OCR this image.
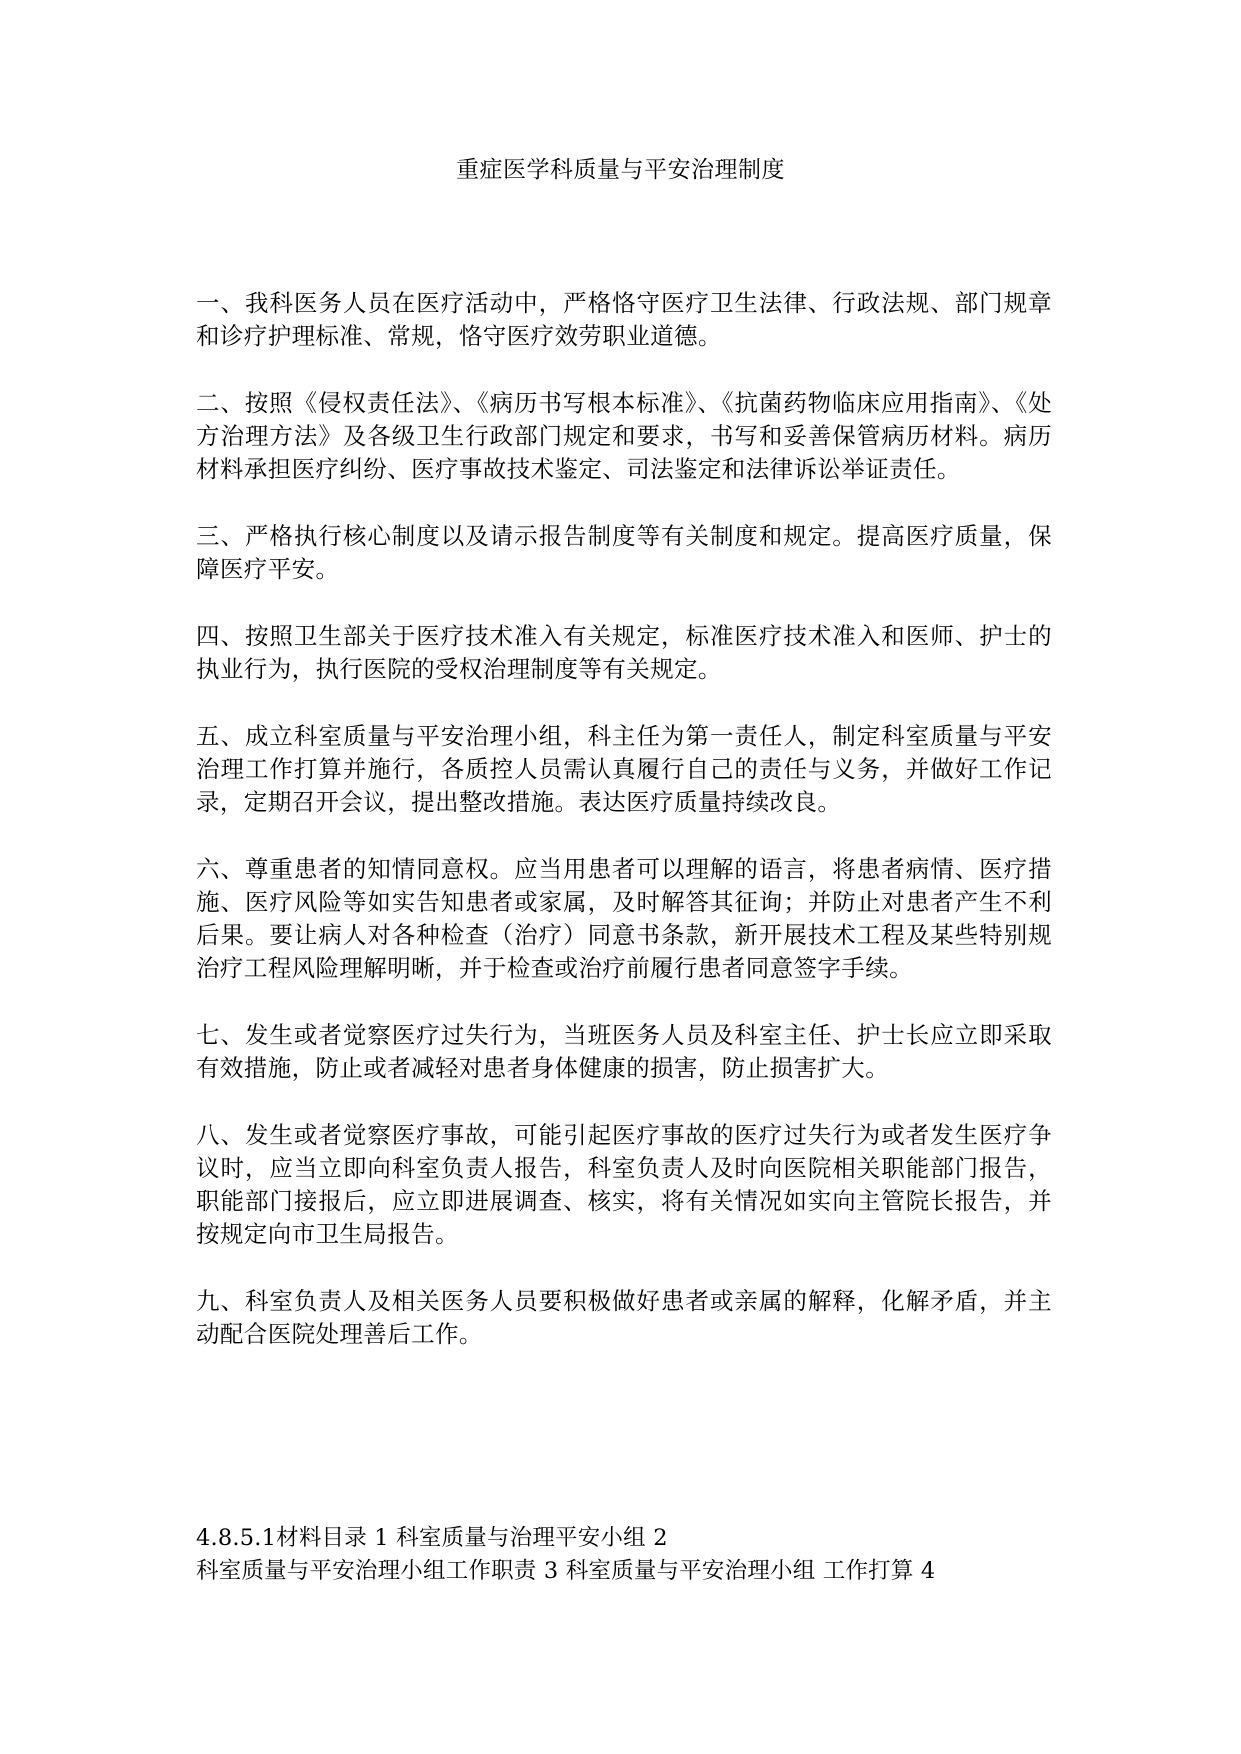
重症医学科质量与平安治理制度

一、我科医务人员在医疗活动中，严格恪守医疗卫生法律、行政法规、部门规章和诊疗护理标准、常规，恪守医疗效劳职业道德。

二、按照《侵权责任法》、《病历书写根本标准》、《抗菌药物临床应用指南》、《处方治理方法》及各级卫生行政部门规定和要求，书写和妥善保管病历材料。病历材料承担医疗纠纷、医疗事故技术鉴定、司法鉴定和法律诉讼举证责任。

三、严格执行核心制度以及请示报告制度等有关制度和规定。提高医疗质量，保障医疗平安。

四、按照卫生部关于医疗技术准入有关规定，标准医疗技术准入和医师、护士的执业行为，执行医院的受权治理制度等有关规定。

五、成立科室质量与平安治理小组，科主任为第一责任人，制定科室质量与平安治理工作打算并施行，各质控人员需认真履行自己的责任与义务，并做好工作记录，定期召开会议，提出整改措施。表达医疗质量持续改良。

六、尊重患者的知情同意权。应当用患者可以理解的语言，将患者病情、医疗措施、医疗风险等如实告知患者或家属，及时解答其征询；并防止对患者产生不利后果。要让病人对各种检查（治疗）同意书条款，新开展技术工程及某些特别规治疗工程风险理解明晰，并于检查或治疗前履行患者同意签字手续。

七、发生或者觉察医疗过失行为，当班医务人员及科室主任、护士长应立即采取有效措施，防止或者减轻对患者身体健康的损害，防止损害扩大。

八、发生或者觉察医疗事故，可能引起医疗事故的医疗过失行为或者发生医疗争议时，应当立即向科室负责人报告，科室负责人及时向医院相关职能部门报告，职能部门接报后，应立即进展调查、核实，将有关情况如实向主管院长报告，并按规定向市卫生局报告。

九、科室负责人及相关医务人员要积极做好患者或亲属的解释，化解矛盾，并主动配合医院处理善后工作。

4.8.5.1材料目录 1 科室质量与治理平安小组 2
科室质量与平安治理小组工作职责 3 科室质量与平安治理小组 工作打算 4
